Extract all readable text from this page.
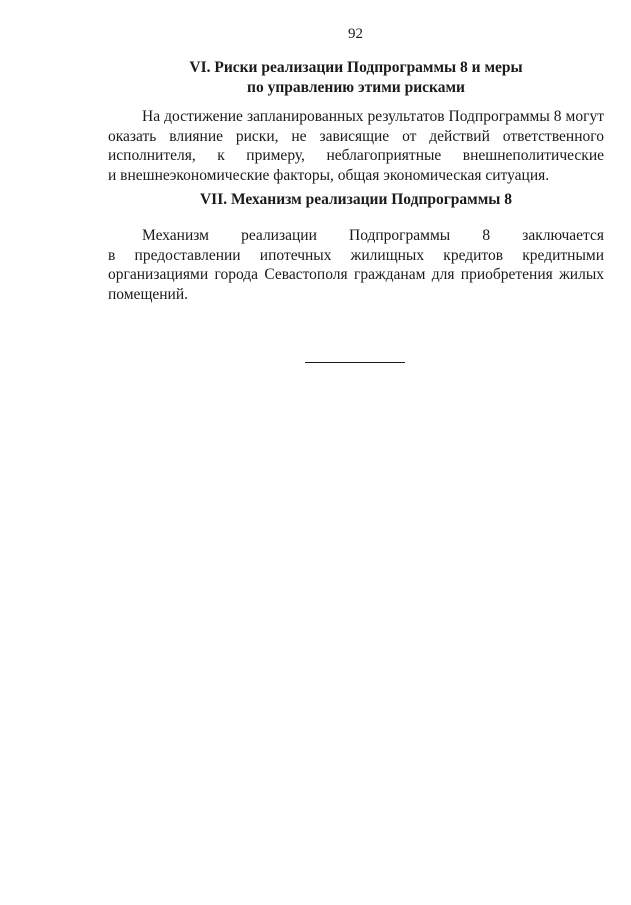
92
VI. Риски реализации Подпрограммы 8 и меры
по управлению этими рисками

На достижение запланированных результатов Подпрограммы 8 могут
оказать влияние риски, не зависящие от действий ответственного
исполнителя, к примеру, неблагоприятные внешнеполитические
и внешнеэкономические факторы, общая экономическая ситуация.

VII. Механизм реализации Подпрограммы 8

Механизм реализации Подпрограммы 8 заключается
в предоставлении ипотечных жилищных кредитов кредитными
организациями города Севастополя гражданам для приобретения жилых
помещений.
